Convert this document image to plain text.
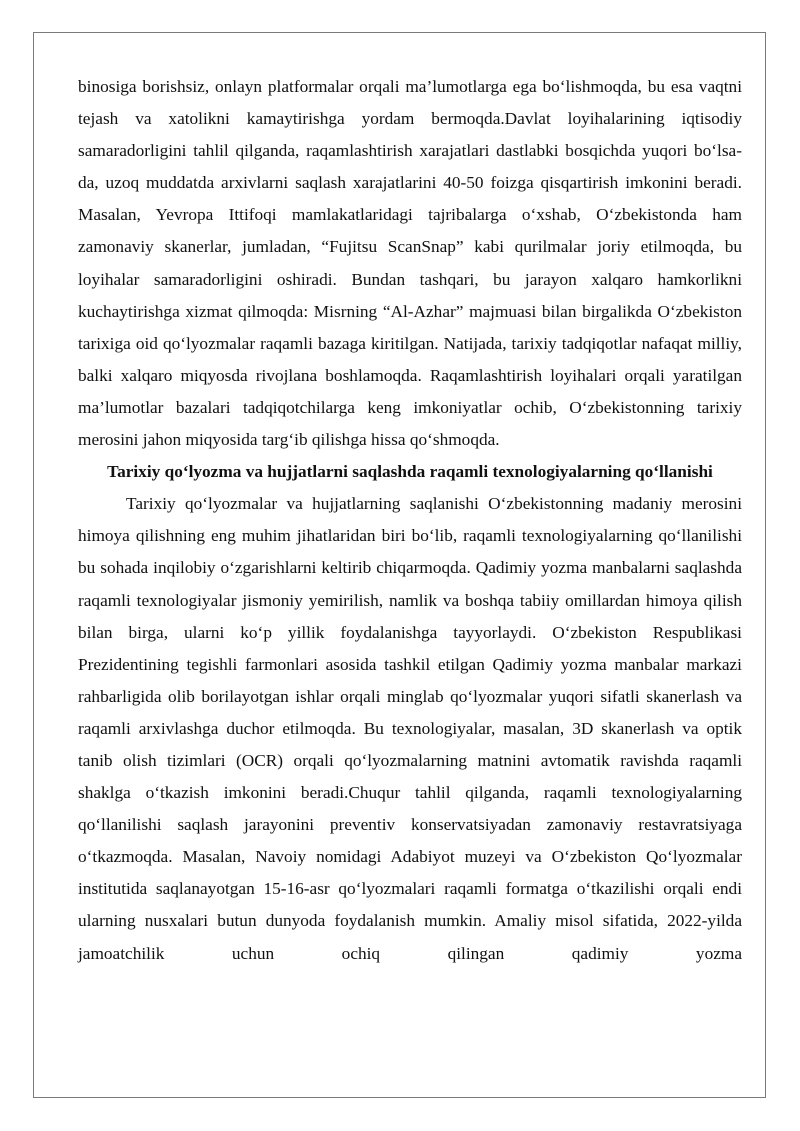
binosiga borishsiz, onlayn platformalar orqali ma’lumotlarga ega bo‘lishmoqda, bu esa vaqtni tejash va xatolikni kamaytirishga yordam bermoqda.Davlat loyihalarining iqtisodiy samaradorligini tahlil qilganda, raqamlashtirish xarajatlari dastlabki bosqichda yuqori bo‘lsa-da, uzoq muddatda arxivlarni saqlash xarajatlarini 40-50 foizga qisqartirish imkonini beradi. Masalan, Yevropa Ittifoqi mamlakatlaridagi tajribalarga o‘xshab, O‘zbekistonda ham zamonaviy skanerlar, jumladan, “Fujitsu ScanSnap” kabi qurilmalar joriy etilmoqda, bu loyihalar samaradorligini oshiradi. Bundan tashqari, bu jarayon xalqaro hamkorlikni kuchaytirishga xizmat qilmoqda: Misrning “Al-Azhar” majmuasi bilan birgalikda O‘zbekiston tarixiga oid qo‘lyozmalar raqamli bazaga kiritilgan. Natijada, tarixiy tadqiqotlar nafaqat milliy, balki xalqaro miqyosda rivojlana boshlamoqda. Raqamlashtirish loyihalari orqali yaratilgan ma’lumotlar bazalari tadqiqotchilarga keng imkoniyatlar ochib, O‘zbekistonning tarixiy merosini jahon miqyosida targ‘ib qilishga hissa qo‘shmoqda.

Tarixiy qo‘lyozma va hujjatlarni saqlashda raqamli texnologiyalarning qo‘llanishi

Tarixiy qo‘lyozmalar va hujjatlarning saqlanishi O‘zbekistonning madaniy merosini himoya qilishning eng muhim jihatlaridan biri bo‘lib, raqamli texnologiyalarning qo‘llanilishi bu sohada inqilobiy o‘zgarishlarni keltirib chiqarmoqda. Qadimiy yozma manbalarni saqlashda raqamli texnologiyalar jismoniy yemirilish, namlik va boshqa tabiiy omillardan himoya qilish bilan birga, ularni ko‘p yillik foydalanishga tayyorlaydi. O‘zbekiston Respublikasi Prezidentining tegishli farmonlari asosida tashkil etilgan Qadimiy yozma manbalar markazi rahbarligida olib borilayotgan ishlar orqali minglab qo‘lyozmalar yuqori sifatli skanerlash va raqamli arxivlashga duchor etilmoqda. Bu texnologiyalar, masalan, 3D skanerlash va optik tanib olish tizimlari (OCR) orqali qo‘lyozmalarning matnini avtomatik ravishda raqamli shaklga o‘tkazish imkonini beradi.Chuqur tahlil qilganda, raqamli texnologiyalarning qo‘llanilishi saqlash jarayonini preventiv konservatsiyadan zamonaviy restavratsiyaga o‘tkazmoqda. Masalan, Navoiy nomidagi Adabiyot muzeyi va O‘zbekiston Qo‘lyozmalar institutida saqlanayotgan 15-16-asr qo‘lyozmalari raqamli formatga o‘tkazilishi orqali endi ularning nusxalari butun dunyoda foydalanish mumkin. Amaliy misol sifatida, 2022-yilda jamoatchilik uchun ochiq qilingan qadimiy yozma
